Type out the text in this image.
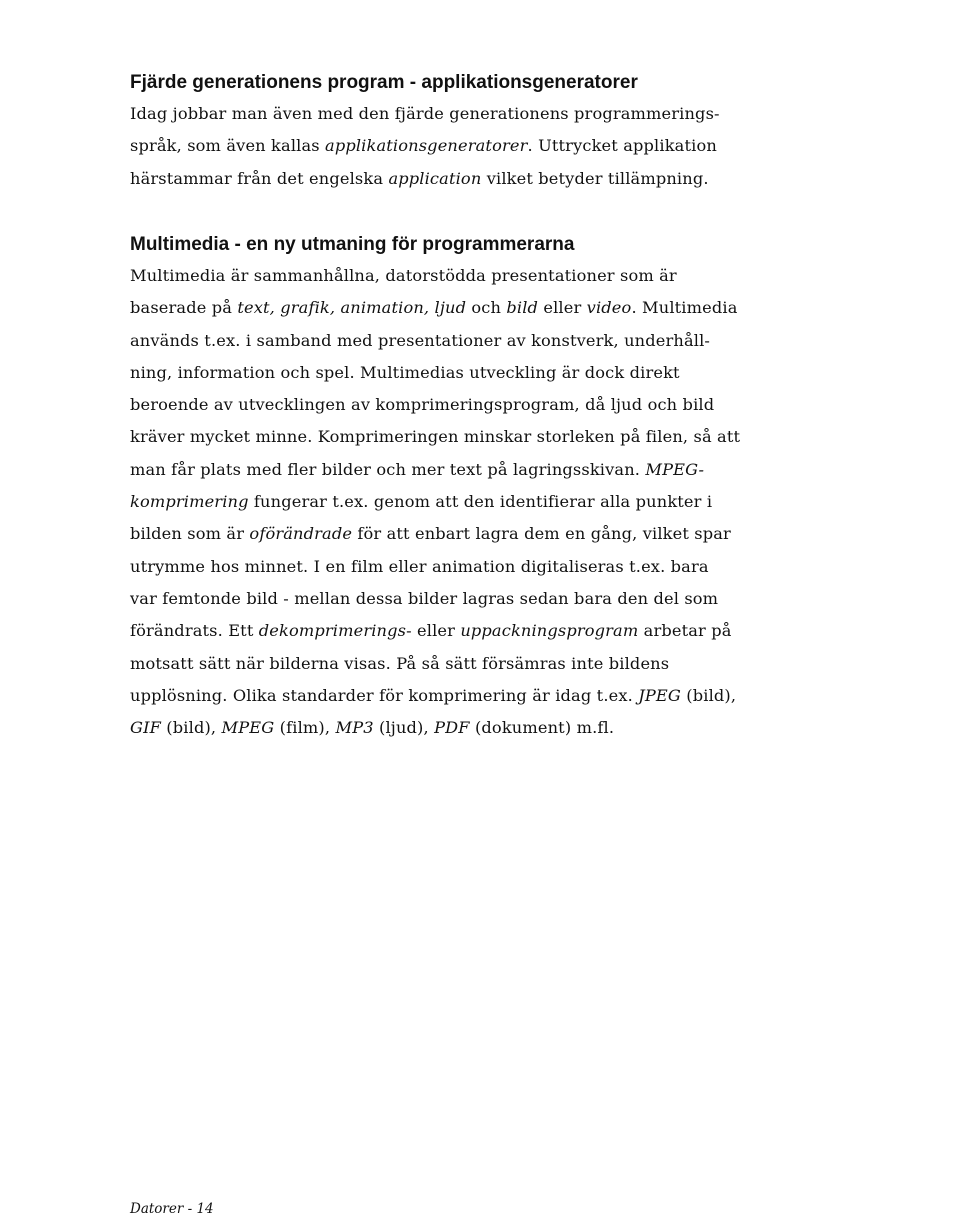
Fjärde generationens program - applikationsgeneratorer

Idag jobbar man även med den fjärde generationens programmerings-

språk, som även kallas applikationsgeneratorer. Uttrycket applikation

härstammar från det engelska application vilket betyder tillämpning.

Multimedia - en ny utmaning för programmerarna

Multimedia är sammanhållna, datorstödda presentationer som är

baserade på text, grafik, animation, ljud och bild eller video. Multimedia

används t.ex. i samband med presentationer av konstverk, underhåll-

ning, information och spel. Multimedias utveckling är dock direkt

beroende av utvecklingen av komprimeringsprogram, då ljud och bild

kräver mycket minne. Komprimeringen minskar storleken på filen, så att

man får plats med fler bilder och mer text på lagringsskivan. MPEG-

komprimering fungerar t.ex. genom att den identifierar alla punkter i

bilden som är oförändrade för att enbart lagra dem en gång, vilket spar

utrymme hos minnet. I en film eller animation digitaliseras t.ex. bara

var femtonde bild - mellan dessa bilder lagras sedan bara den del som

förändrats. Ett dekomprimerings- eller uppackningsprogram arbetar på

motsatt sätt när bilderna visas. På så sätt försämras inte bildens

upplösning. Olika standarder för komprimering är idag t.ex. JPEG (bild),

GIF (bild), MPEG (film), MP3 (ljud), PDF (dokument) m.fl.

Datorer - 14
